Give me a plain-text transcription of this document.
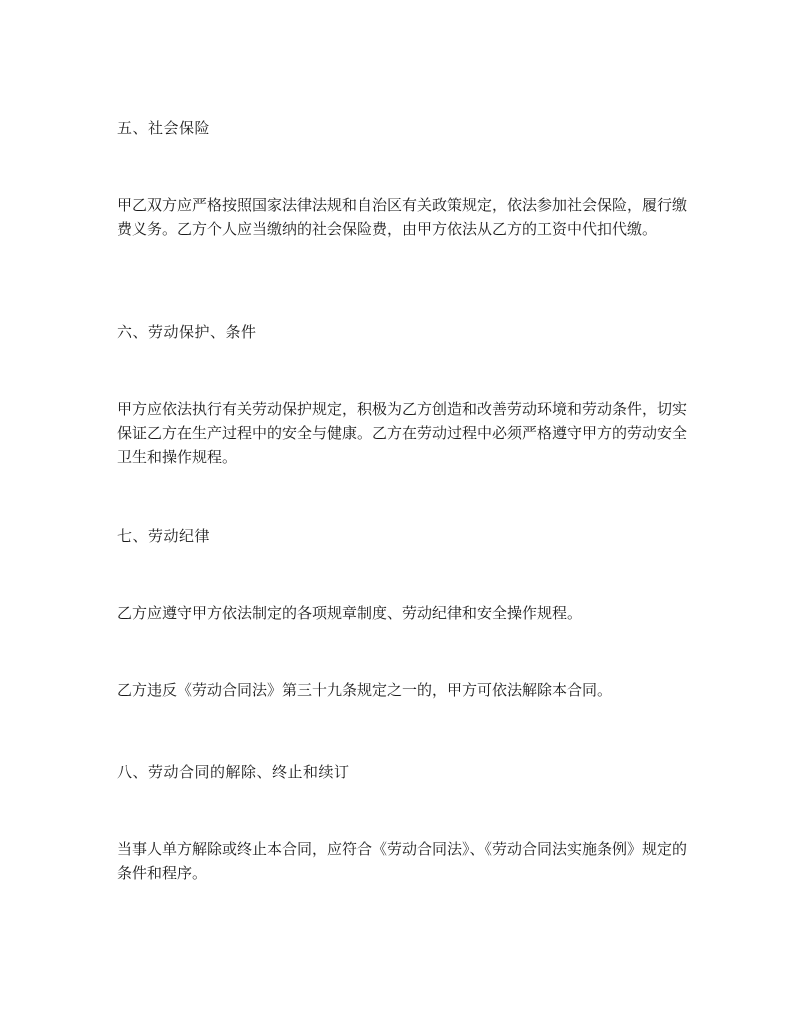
五、社会保险

甲乙双方应严格按照国家法律法规和自治区有关政策规定，依法参加社会保险，履行缴费义务。乙方个人应当缴纳的社会保险费，由甲方依法从乙方的工资中代扣代缴。

六、劳动保护、条件

甲方应依法执行有关劳动保护规定，积极为乙方创造和改善劳动环境和劳动条件，切实保证乙方在生产过程中的安全与健康。乙方在劳动过程中必须严格遵守甲方的劳动安全卫生和操作规程。

七、劳动纪律

乙方应遵守甲方依法制定的各项规章制度、劳动纪律和安全操作规程。

乙方违反《劳动合同法》第三十九条规定之一的，甲方可依法解除本合同。

八、劳动合同的解除、终止和续订

当事人单方解除或终止本合同，应符合《劳动合同法》、《劳动合同法实施条例》规定的条件和程序。
